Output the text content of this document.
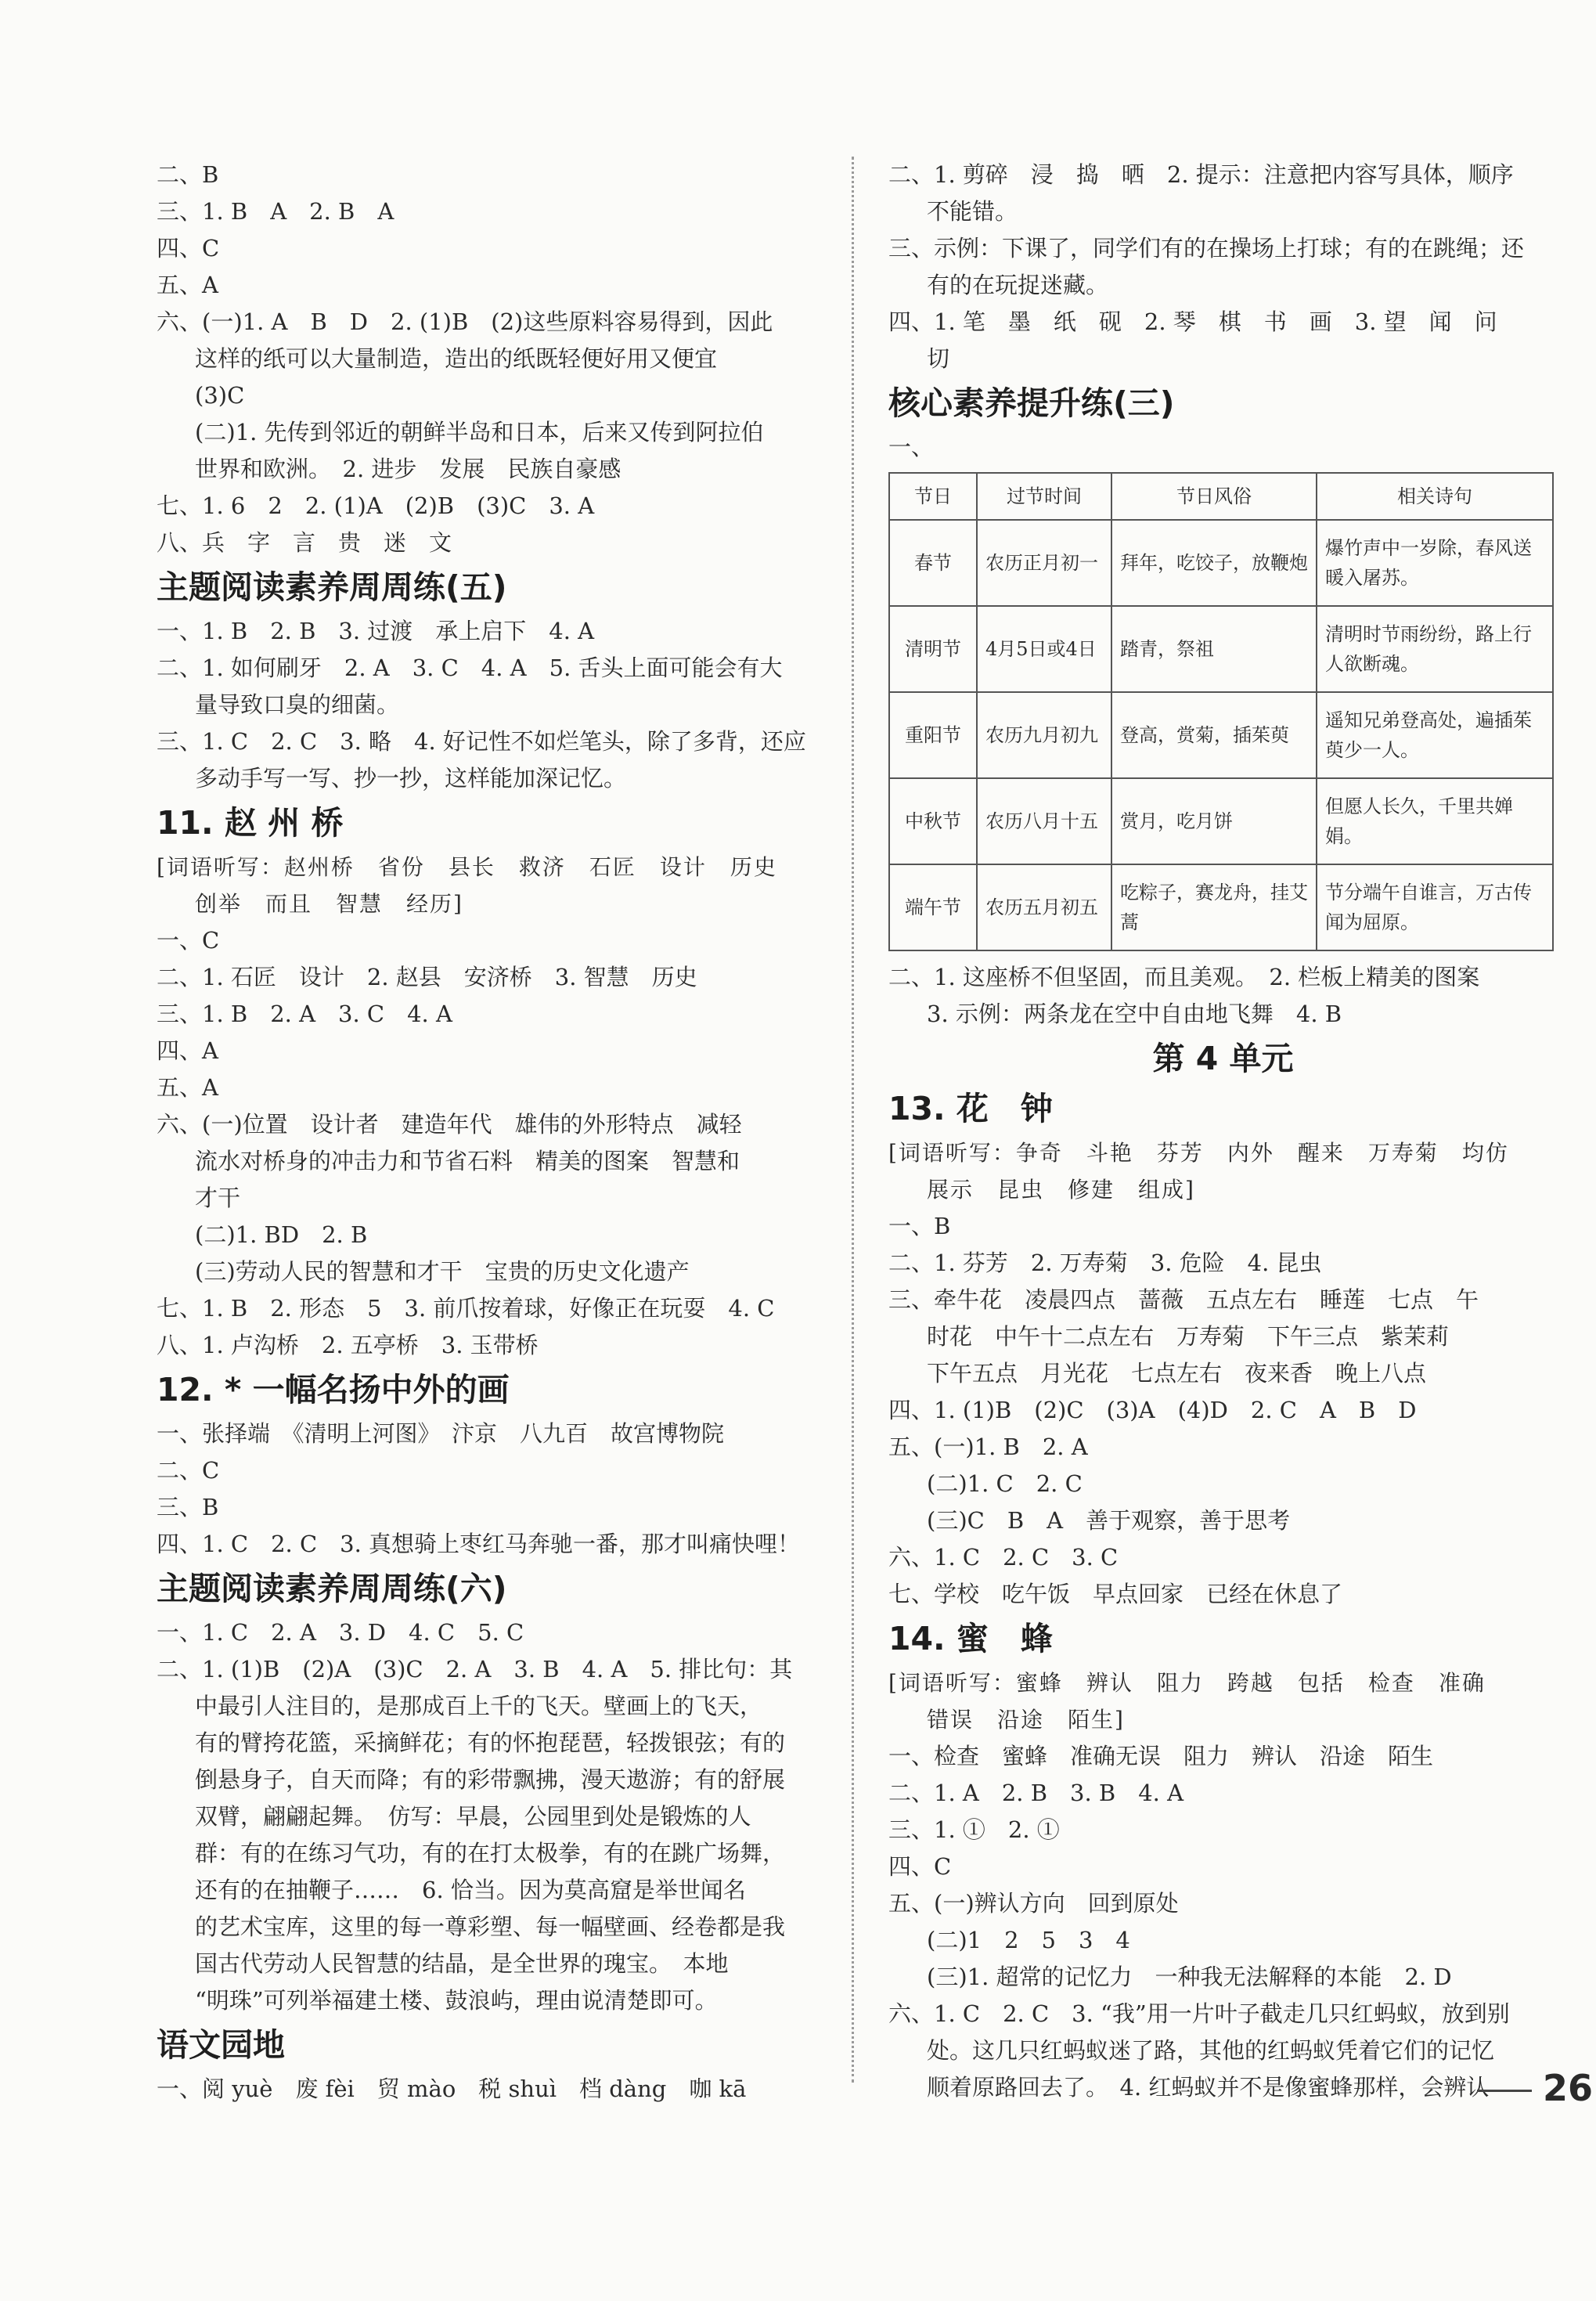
二、B
三、1. B　A　2. B　A
四、C
五、A
六、(一)1. A　B　D　2. (1)B　(2)这些原料容易得到，因此
这样的纸可以大量制造，造出的纸既轻便好用又便宜
(3)C
(二)1. 先传到邻近的朝鲜半岛和日本，后来又传到阿拉伯
世界和欧洲。　2. 进步　发展　民族自豪感
七、1. 6　2　2. (1)A　(2)B　(3)C　3. A
八、兵　字　言　贵　迷　文
主题阅读素养周周练(五)
一、1. B　2. B　3. 过渡　承上启下　4. A
二、1. 如何刷牙　2. A　3. C　4. A　5. 舌头上面可能会有大
量导致口臭的细菌。
三、1. C　2. C　3. 略　4. 好记性不如烂笔头，除了多背，还应
多动手写一写、抄一抄，这样能加深记忆。
11. 赵 州 桥
[词语听写：赵州桥　省份　县长　救济　石匠　设计　历史
创举　而且　智慧　经历]
一、C
二、1. 石匠　设计　2. 赵县　安济桥　3. 智慧　历史
三、1. B　2. A　3. C　4. A
四、A
五、A
六、(一)位置　设计者　建造年代　雄伟的外形特点　减轻
流水对桥身的冲击力和节省石料　精美的图案　智慧和
才干
(二)1. BD　2. B
(三)劳动人民的智慧和才干　宝贵的历史文化遗产
七、1. B　2. 形态　5　3. 前爪按着球，好像正在玩耍　4. C
八、1. 卢沟桥　2. 五亭桥　3. 玉带桥
12. * 一幅名扬中外的画
一、张择端　《清明上河图》　汴京　八九百　故宫博物院
二、C
三、B
四、1. C　2. C　3. 真想骑上枣红马奔驰一番，那才叫痛快哩！
主题阅读素养周周练(六)
一、1. C　2. A　3. D　4. C　5. C
二、1. (1)B　(2)A　(3)C　2. A　3. B　4. A　5. 排比句：其
中最引人注目的，是那成百上千的飞天。壁画上的飞天，
有的臂挎花篮，采摘鲜花；有的怀抱琵琶，轻拨银弦；有的
倒悬身子，自天而降；有的彩带飘拂，漫天遨游；有的舒展
双臂，翩翩起舞。　仿写：早晨，公园里到处是锻炼的人
群：有的在练习气功，有的在打太极拳，有的在跳广场舞，
还有的在抽鞭子……　6. 恰当。因为莫高窟是举世闻名
的艺术宝库，这里的每一尊彩塑、每一幅壁画、经卷都是我
国古代劳动人民智慧的结晶，是全世界的瑰宝。　本地
“明珠”可列举福建土楼、鼓浪屿，理由说清楚即可。
语文园地
一、阅 yuè　废 fèi　贸 mào　税 shuì　档 dàng　咖 kā
二、1. 剪碎　浸　捣　晒　2. 提示：注意把内容写具体，顺序
不能错。
三、示例：下课了，同学们有的在操场上打球；有的在跳绳；还
有的在玩捉迷藏。
四、1. 笔　墨　纸　砚　2. 琴　棋　书　画　3. 望　闻　问
切
核心素养提升练(三)
一、
节日	过节时间	节日风俗	相关诗句
春节	农历正月初一	拜年，吃饺子，放鞭炮	爆竹声中一岁除，春风送暖入屠苏。
清明节	4月5日或4日	踏青，祭祖	清明时节雨纷纷，路上行人欲断魂。
重阳节	农历九月初九	登高，赏菊，插茱萸	遥知兄弟登高处，遍插茱萸少一人。
中秋节	农历八月十五	赏月，吃月饼	但愿人长久，千里共婵娟。
端午节	农历五月初五	吃粽子，赛龙舟，挂艾蒿	节分端午自谁言，万古传闻为屈原。
二、1. 这座桥不但坚固，而且美观。　2. 栏板上精美的图案
3. 示例：两条龙在空中自由地飞舞　4. B
第 4 单元
13. 花　钟
[词语听写：争奇　斗艳　芬芳　内外　醒来　万寿菊　均仿
展示　昆虫　修建　组成]
一、B
二、1. 芬芳　2. 万寿菊　3. 危险　4. 昆虫
三、牵牛花　凌晨四点　蔷薇　五点左右　睡莲　七点　午
时花　中午十二点左右　万寿菊　下午三点　紫茉莉
下午五点　月光花　七点左右　夜来香　晚上八点
四、1. (1)B　(2)C　(3)A　(4)D　2. C　A　B　D
五、(一)1. B　2. A
(二)1. C　2. C
(三)C　B　A　善于观察，善于思考
六、1. C　2. C　3. C
七、学校　吃午饭　早点回家　已经在休息了
14. 蜜　蜂
[词语听写：蜜蜂　辨认　阻力　跨越　包括　检查　准确
错误　沿途　陌生]
一、检查　蜜蜂　准确无误　阻力　辨认　沿途　陌生
二、1. A　2. B　3. B　4. A
三、1. ①　2. ①
四、C
五、(一)辨认方向　回到原处
(二)1　2　5　3　4
(三)1. 超常的记忆力　一种我无法解释的本能　2. D
六、1. C　2. C　3. “我”用一片叶子截走几只红蚂蚁，放到别
处。这几只红蚂蚁迷了路，其他的红蚂蚁凭着它们的记忆
顺着原路回去了。　4. 红蚂蚁并不是像蜜蜂那样，会辨认	26
